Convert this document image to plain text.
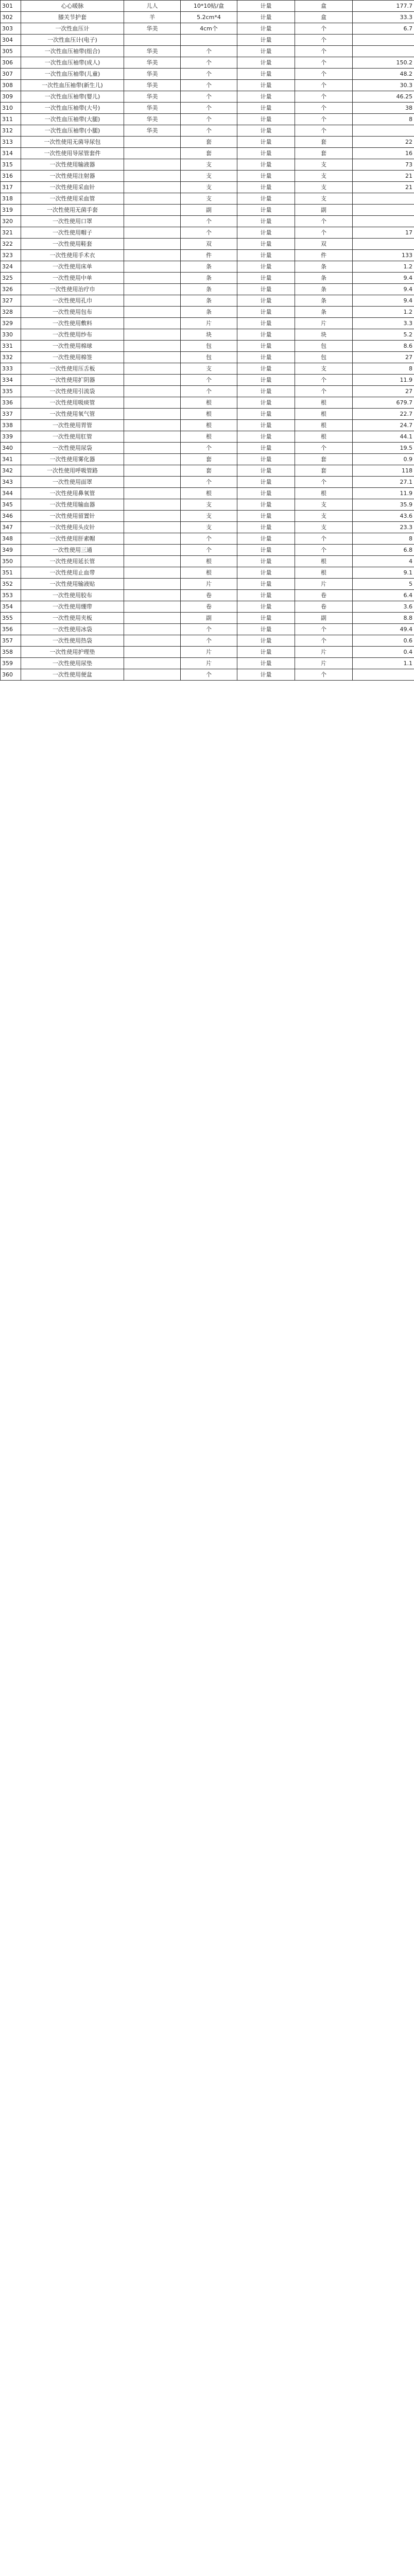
301	心心暖脉	儿人	10*10贴/盒	计量	盒	177.7
302	膝关节护套	羊	5.2cm*4	计量	盒	33.3
303	一次性血压计	华美	4cm个	计量	个	6.7
304	一次性血压计(电子)			计量	个	
305	一次性血压袖带(组合)	华美	个	计量	个	
306	一次性血压袖带(成人)	华美	个	计量	个	150.2
307	一次性血压袖带(儿童)	华美	个	计量	个	48.2
308	一次性血压袖带(新生儿)	华美	个	计量	个	30.3
309	一次性血压袖带(婴儿)	华美	个	计量	个	46.25
310	一次性血压袖带(大号)	华美	个	计量	个	38
311	一次性血压袖带(大腿)	华美	个	计量	个	8
312	一次性血压袖带(小腿)	华美	个	计量	个	
313	一次性使用无菌导尿包		套	计量	套	22
314	一次性使用导尿管套件		套	计量	套	16
315	一次性使用输液器		支	计量	支	73
316	一次性使用注射器		支	计量	支	21
317	一次性使用采血针		支	计量	支	21
318	一次性使用采血管		支	计量	支	
319	一次性使用无菌手套		副	计量	副	
320	一次性使用口罩		个	计量	个	
321	一次性使用帽子		个	计量	个	17
322	一次性使用鞋套		双	计量	双	
323	一次性使用手术衣		件	计量	件	133
324	一次性使用床单		条	计量	条	1.2
325	一次性使用中单		条	计量	条	9.4
326	一次性使用治疗巾		条	计量	条	9.4
327	一次性使用孔巾		条	计量	条	9.4
328	一次性使用包布		条	计量	条	1.2
329	一次性使用敷料		片	计量	片	3.3
330	一次性使用纱布		块	计量	块	5.2
331	一次性使用棉球		包	计量	包	8.6
332	一次性使用棉签		包	计量	包	27
333	一次性使用压舌板		支	计量	支	8
334	一次性使用扩阴器		个	计量	个	11.9
335	一次性使用引流袋		个	计量	个	27
336	一次性使用吸痰管		根	计量	根	679.7
337	一次性使用氧气管		根	计量	根	22.7
338	一次性使用胃管		根	计量	根	24.7
339	一次性使用肛管		根	计量	根	44.1
340	一次性使用尿袋		个	计量	个	19.5
341	一次性使用雾化器		套	计量	套	0.9
342	一次性使用呼吸管路		套	计量	套	118
343	一次性使用面罩		个	计量	个	27.1
344	一次性使用鼻氧管		根	计量	根	11.9
345	一次性使用输血器		支	计量	支	35.9
346	一次性使用留置针		支	计量	支	43.6
347	一次性使用头皮针		支	计量	支	23.3
348	一次性使用肝素帽		个	计量	个	8
349	一次性使用三通		个	计量	个	6.8
350	一次性使用延长管		根	计量	根	4
351	一次性使用止血带		根	计量	根	9.1
352	一次性使用输液贴		片	计量	片	5
353	一次性使用胶布		卷	计量	卷	6.4
354	一次性使用绷带		卷	计量	卷	3.6
355	一次性使用夹板		副	计量	副	8.8
356	一次性使用冰袋		个	计量	个	49.4
357	一次性使用热袋		个	计量	个	0.6
358	一次性使用护理垫		片	计量	片	0.4
359	一次性使用尿垫		片	计量	片	1.1
360	一次性使用便盆		个	计量	个	
